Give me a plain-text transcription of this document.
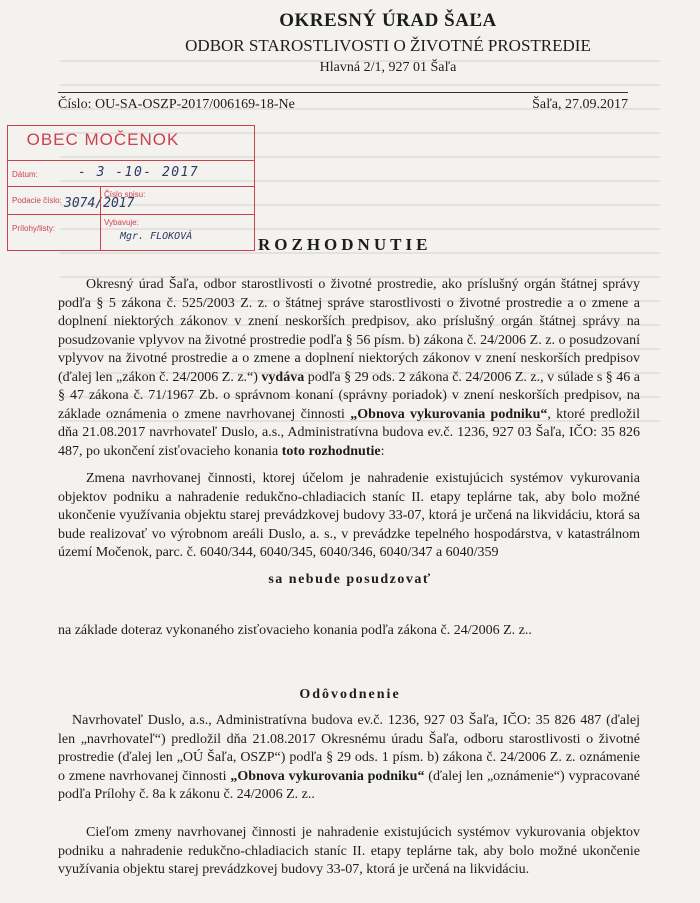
OKRESNÝ ÚRAD ŠAĽA
ODBOR STAROSTLIVOSTI O ŽIVOTNÉ PROSTREDIE
Hlavná 2/1, 927 01 Šaľa
Číslo: OU-SA-OSZP-2017/006169-18-Ne	Šaľa, 27.09.2017
OBEC MOČENOK
Dátum:	- 3 -10- 2017
Podacie číslo: 3074/2017
Číslo spisu:
Prílohy/listy:
Vybavuje:
Mgr. FLOKOVÁ	ROZHODNUTIE
Okresný úrad Šaľa, odbor starostlivosti o životné prostredie, ako príslušný orgán štátnej správy podľa § 5 zákona č. 525/2003 Z. z. o štátnej správe starostlivosti o životné prostredie a o zmene a doplnení niektorých zákonov v znení neskorších predpisov, ako príslušný orgán štátnej správy na posudzovanie vplyvov na životné prostredie podľa § 56 písm. b) zákona č. 24/2006 Z. z. o posudzovaní vplyvov na životné prostredie a o zmene a doplnení niektorých zákonov v znení neskorších predpisov (ďalej len „zákon č. 24/2006 Z. z.“) vydáva podľa § 29 ods. 2 zákona č. 24/2006 Z. z., v súlade s § 46 a § 47 zákona č. 71/1967 Zb. o správnom konaní (správny poriadok) v znení neskorších predpisov, na základe oznámenia o zmene navrhovanej činnosti „Obnova vykurovania podniku“, ktoré predložil dňa 21.08.2017 navrhovateľ Duslo, a.s., Administratívna budova ev.č. 1236, 927 03 Šaľa, IČO: 35 826 487, po ukončení zisťovacieho konania toto rozhodnutie:
Zmena navrhovanej činnosti, ktorej účelom je nahradenie existujúcich systémov vykurovania objektov podniku a nahradenie redukčno-chladiacich staníc II. etapy teplárne tak, aby bolo možné ukončenie využívania objektu starej prevádzkovej budovy 33-07, ktorá je určená na likvidáciu, ktorá sa bude realizovať vo výrobnom areáli Duslo, a. s., v prevádzke tepelného hospodárstva, v katastrálnom území Močenok, parc. č. 6040/344, 6040/345, 6040/346, 6040/347 a 6040/359
sa nebude posudzovať
na základe doteraz vykonaného zisťovacieho konania podľa zákona č. 24/2006 Z. z..
Odôvodnenie
Navrhovateľ Duslo, a.s., Administratívna budova ev.č. 1236, 927 03 Šaľa, IČO: 35 826 487 (ďalej len „navrhovateľ“) predložil dňa 21.08.2017 Okresnému úradu Šaľa, odboru starostlivosti o životné prostredie (ďalej len „OÚ Šaľa, OSZP“) podľa § 29 ods. 1 písm. b) zákona č. 24/2006 Z. z. oznámenie o zmene navrhovanej činnosti „Obnova vykurovania podniku“ (ďalej len „oznámenie“) vypracované podľa Prílohy č. 8a k zákonu č. 24/2006 Z. z..
Cieľom zmeny navrhovanej činnosti je nahradenie existujúcich systémov vykurovania objektov podniku a nahradenie redukčno-chladiacich staníc II. etapy teplárne tak, aby bolo možné ukončenie využívania objektu starej prevádzkovej budovy 33-07, ktorá je určená na likvidáciu.
